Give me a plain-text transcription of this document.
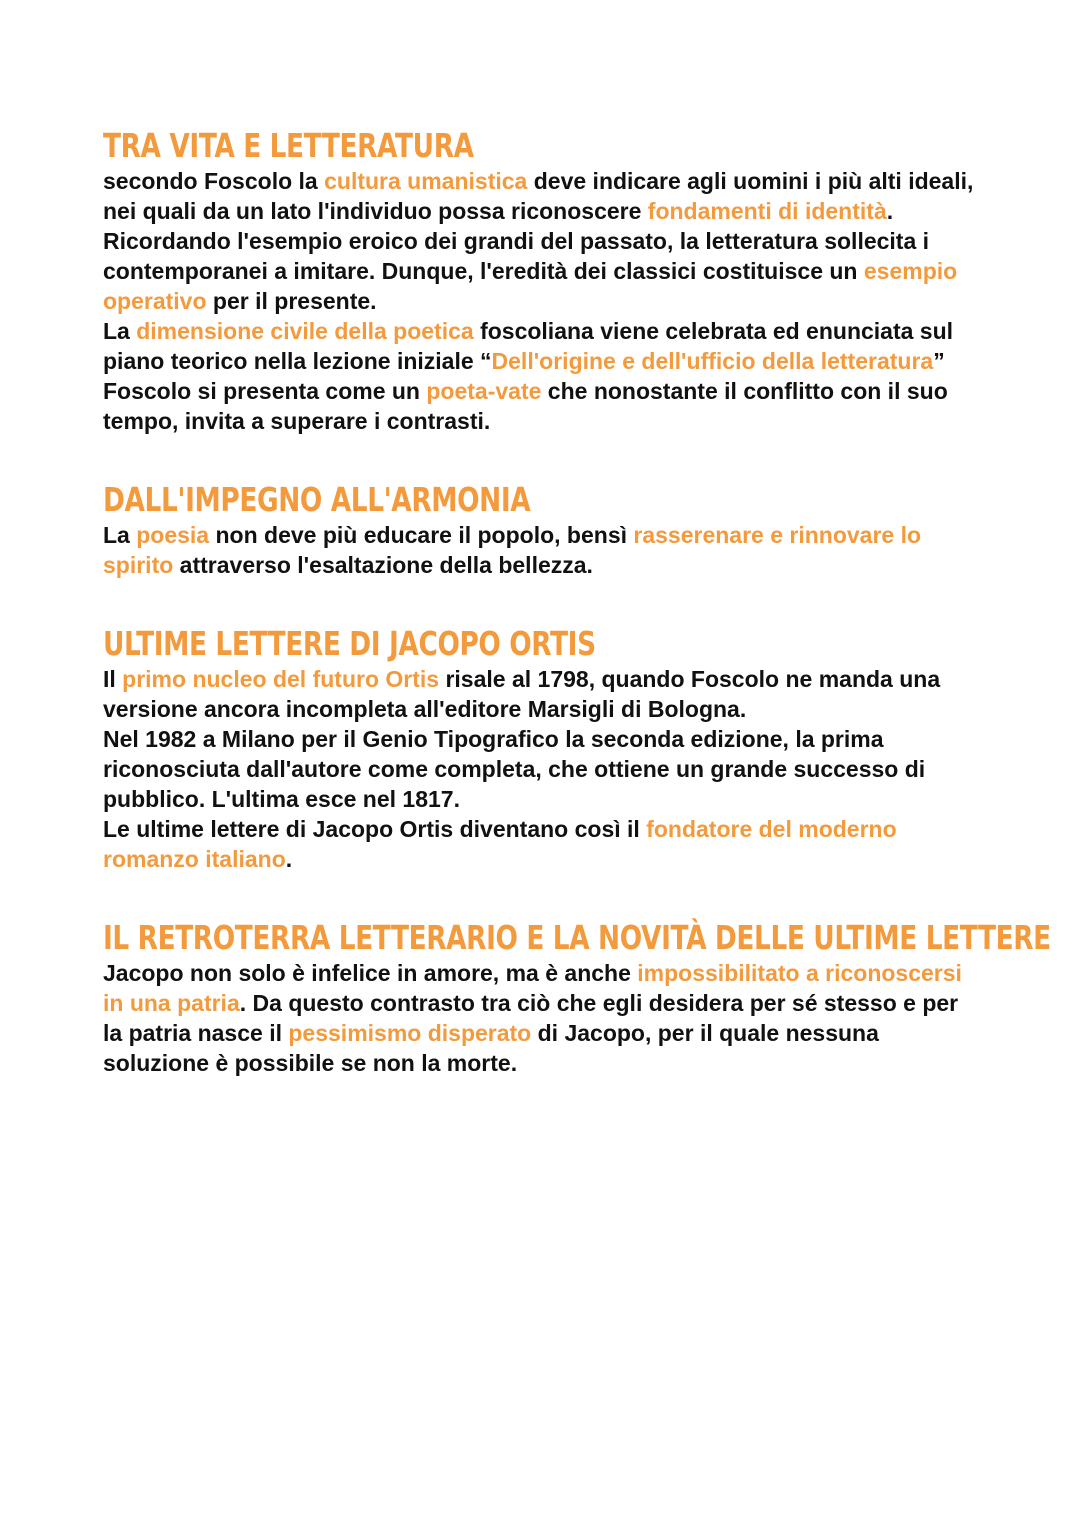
TRA VITA E LETTERATURA

secondo Foscolo la cultura umanistica deve indicare agli uomini i più alti ideali, nei quali da un lato l'individuo possa riconoscere fondamenti di identità. Ricordando l'esempio eroico dei grandi del passato, la letteratura sollecita i contemporanei a imitare. Dunque, l'eredità dei classici costituisce un esempio operativo per il presente.

La dimensione civile della poetica foscoliana viene celebrata ed enunciata sul piano teorico nella lezione iniziale “Dell'origine e dell'ufficio della letteratura”

Foscolo si presenta come un poeta-vate che nonostante il conflitto con il suo tempo, invita a superare i contrasti.

DALL'IMPEGNO ALL'ARMONIA

La poesia non deve più educare il popolo, bensì rasserenare e rinnovare lo spirito attraverso l'esaltazione della bellezza.

ULTIME LETTERE DI JACOPO ORTIS

Il primo nucleo del futuro Ortis risale al 1798, quando Foscolo ne manda una versione ancora incompleta all'editore Marsigli di Bologna.

Nel 1982 a Milano per il Genio Tipografico la seconda edizione, la prima riconosciuta dall'autore come completa, che ottiene un grande successo di pubblico. L'ultima esce nel 1817.

Le ultime lettere di Jacopo Ortis diventano così il fondatore del moderno romanzo italiano.

IL RETROTERRA LETTERARIO E LA NOVITÀ DELLE ULTIME LETTERE

Jacopo non solo è infelice in amore, ma è anche impossibilitato a riconoscersi in una patria. Da questo contrasto tra ciò che egli desidera per sé stesso e per la patria nasce il pessimismo disperato di Jacopo, per il quale nessuna soluzione è possibile se non la morte.
